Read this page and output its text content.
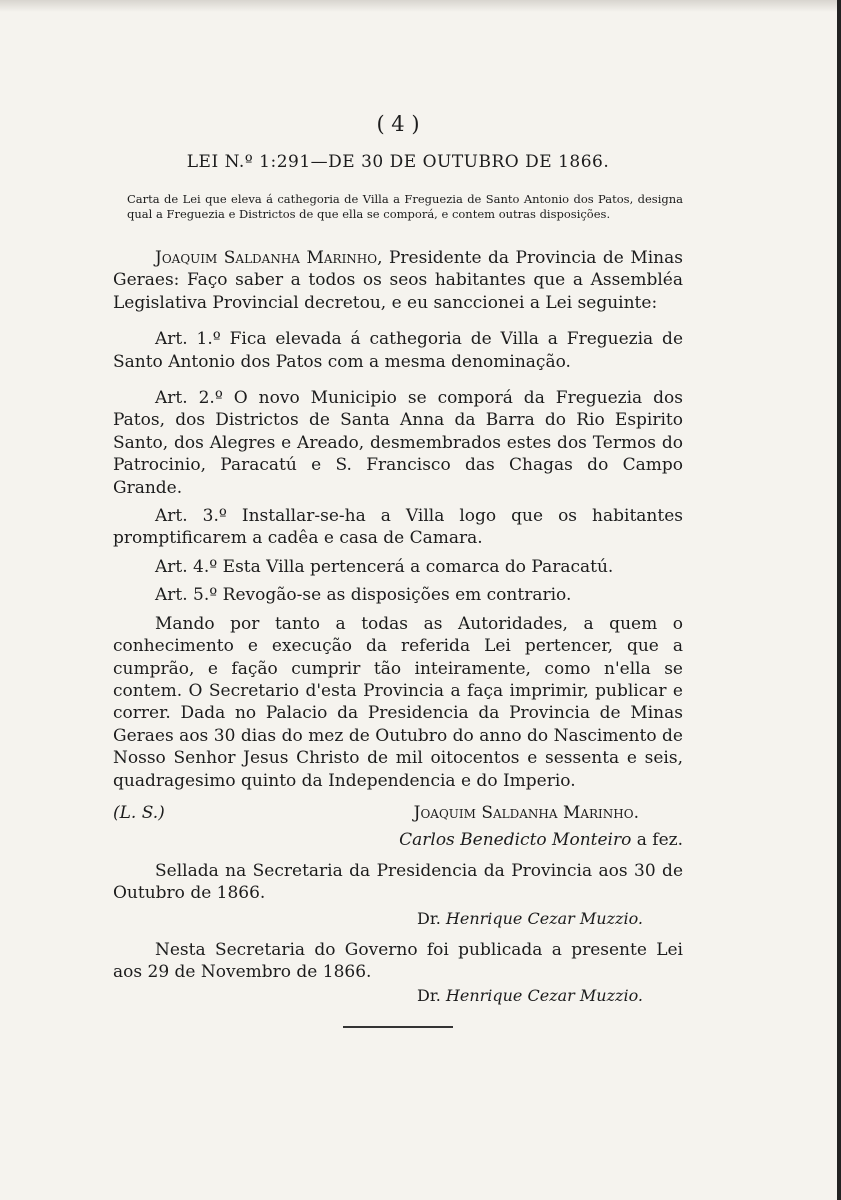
( 4 )
LEI N.º 1:291—DE 30 DE OUTUBRO DE 1866.
Carta de Lei que eleva á cathegoria de Villa a Freguezia de Santo Antonio dos Patos, designa qual a Freguezia e Districtos de que ella se comporá, e contem outras disposições.

Joaquim Saldanha Marinho, Presidente da Provincia de Minas Geraes: Faço saber a todos os seos habitantes que a Assembléa Legislativa Provincial decretou, e eu sanccionei a Lei seguinte:

Art. 1.º Fica elevada á cathegoria de Villa a Freguezia de Santo Antonio dos Patos com a mesma denominação.

Art. 2.º O novo Municipio se comporá da Freguezia dos Patos, dos Districtos de Santa Anna da Barra do Rio Espirito Santo, dos Alegres e Areado, desmembrados estes dos Termos do Patrocinio, Paracatú e S. Francisco das Chagas do Campo Grande.

Art. 3.º Installar-se-ha a Villa logo que os habitantes promptificarem a cadêa e casa de Camara.

Art. 4.º Esta Villa pertencerá a comarca do Paracatú.

Art. 5.º Revogão-se as disposições em contrario.

Mando por tanto a todas as Autoridades, a quem o conhecimento e execução da referida Lei pertencer, que a cumprão, e fação cumprir tão inteiramente, como n'ella se contem. O Secretario d'esta Provincia a faça imprimir, publicar e correr. Dada no Palacio da Presidencia da Provincia de Minas Geraes aos 30 dias do mez de Outubro do anno do Nascimento de Nosso Senhor Jesus Christo de mil oitocentos e sessenta e seis, quadragesimo quinto da Independencia e do Imperio.

(L. S.)	Joaquim Saldanha Marinho.
Carlos Benedicto Monteiro a fez.

Sellada na Secretaria da Presidencia da Provincia aos 30 de Outubro de 1866.

Dr. Henrique Cezar Muzzio.

Nesta Secretaria do Governo foi publicada a presente Lei aos 29 de Novembro de 1866.

Dr. Henrique Cezar Muzzio.
